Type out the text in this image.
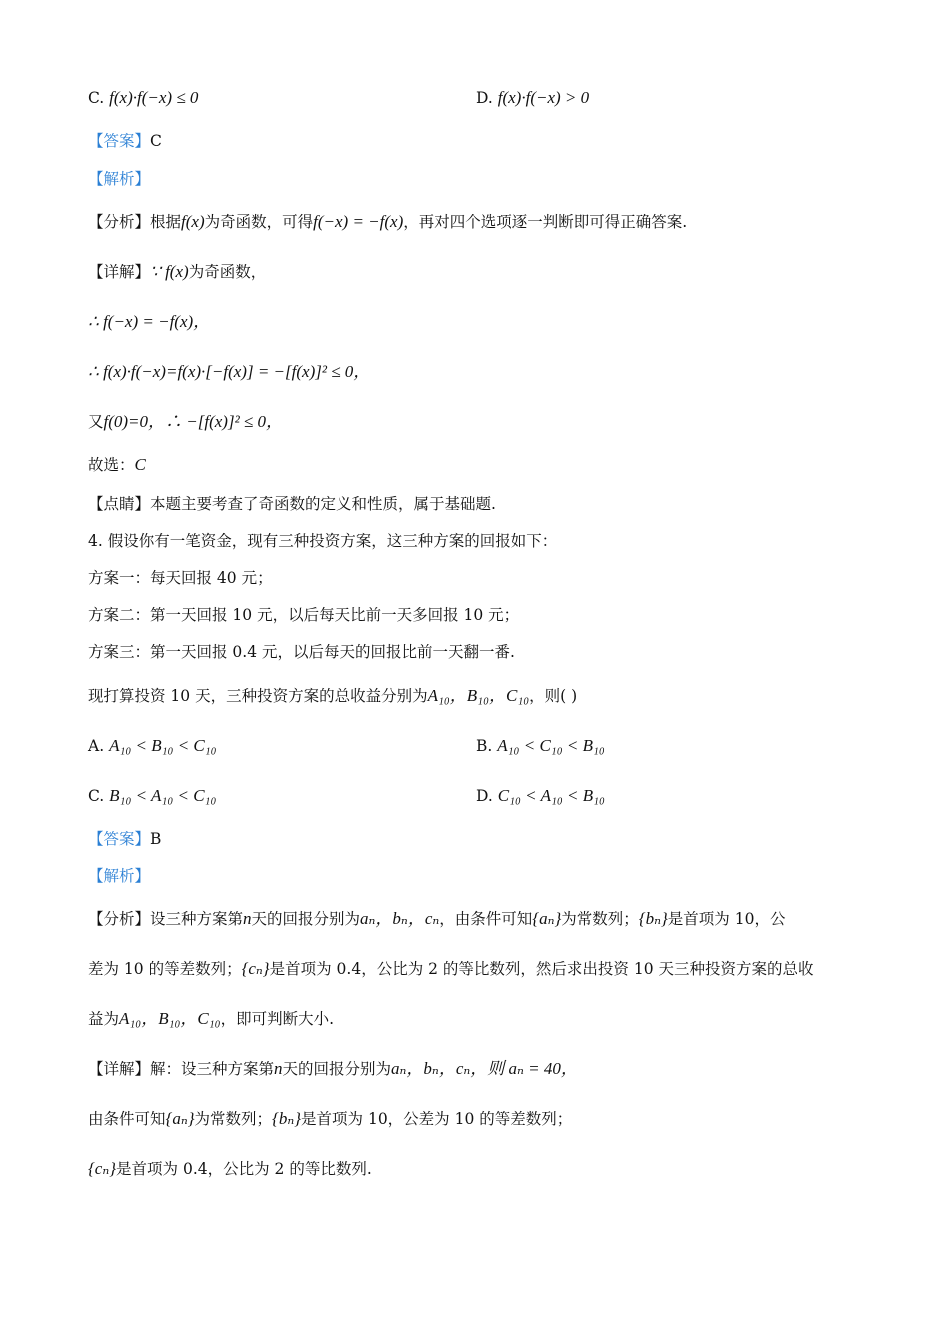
C. f(x)·f(−x) ≤ 0	D. f(x)·f(−x) > 0
【答案】C
【解析】
【分析】根据f(x)为奇函数，可得f(−x) = −f(x)，再对四个选项逐一判断即可得正确答案.
【详解】∵ f(x)为奇函数，
∴ f(−x) = −f(x)，
∴ f(x)·f(−x)=f(x)·[−f(x)] = −[f(x)]² ≤ 0，
又f(0)=0，∴ −[f(x)]² ≤ 0，
故选：C
【点睛】本题主要考查了奇函数的定义和性质，属于基础题.
4. 假设你有一笔资金，现有三种投资方案，这三种方案的回报如下：
方案一：每天回报 40 元；
方案二：第一天回报 10 元，以后每天比前一天多回报 10 元；
方案三：第一天回报 0.4 元，以后每天的回报比前一天翻一番.
现打算投资 10 天，三种投资方案的总收益分别为A₁₀，B₁₀，C₁₀，则( )
A. A₁₀ < B₁₀ < C₁₀	B. A₁₀ < C₁₀ < B₁₀
C. B₁₀ < A₁₀ < C₁₀	D. C₁₀ < A₁₀ < B₁₀
【答案】B
【解析】
【分析】设三种方案第n天的回报分别为aₙ，bₙ，cₙ，由条件可知{aₙ}为常数列；{bₙ}是首项为 10，公
差为 10 的等差数列；{cₙ}是首项为 0.4，公比为 2 的等比数列，然后求出投资 10 天三种投资方案的总收
益为A₁₀，B₁₀，C₁₀，即可判断大小.
【详解】解：设三种方案第n天的回报分别为aₙ，bₙ，cₙ，则 aₙ = 40，
由条件可知{aₙ}为常数列；{bₙ}是首项为 10，公差为 10 的等差数列；
{cₙ}是首项为 0.4，公比为 2 的等比数列.
